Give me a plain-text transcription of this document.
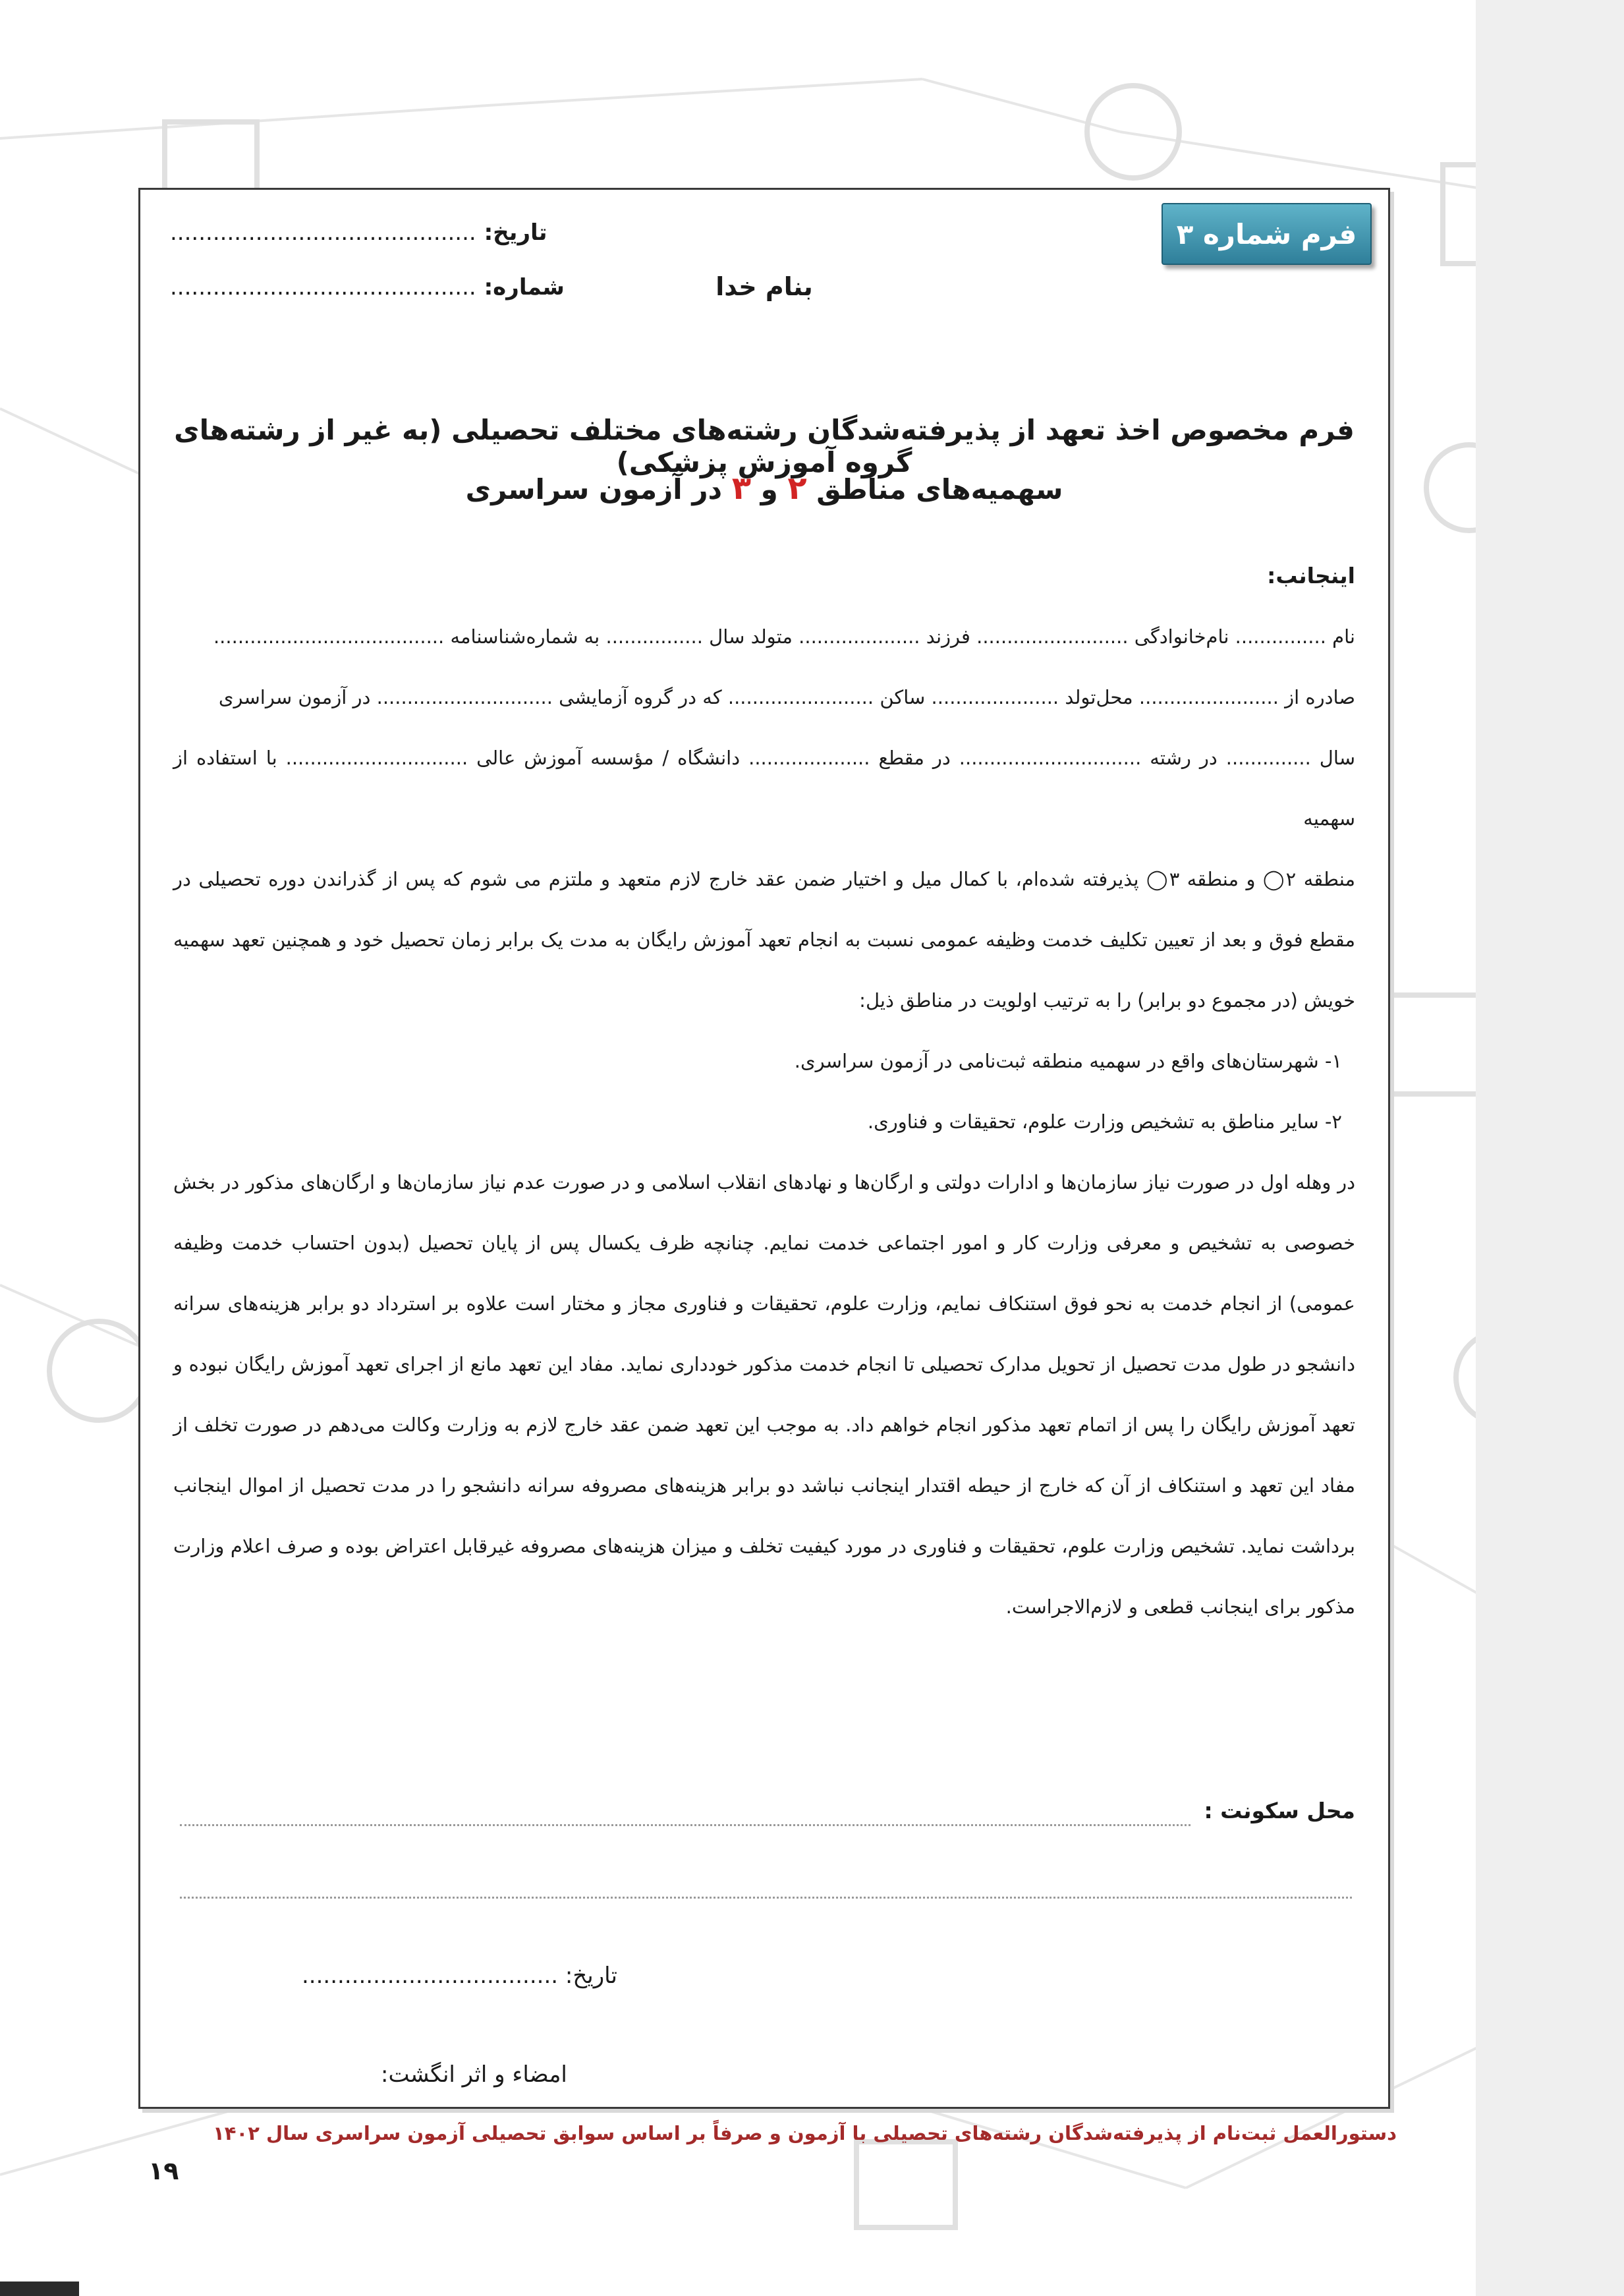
فرم شماره ۳
تاریخ: ...........................................
شماره: ...........................................	بنام خدا
فرم مخصوص اخذ تعهد از پذیرفته‌شدگان رشته‌های مختلف تحصیلی (به غیر از رشته‌های گروه آموزش پزشکی)
سهمیه‌های مناطق ۲ و ۳ در آزمون سراسری

اینجانب:

نام ............... نام‌خانوادگی ......................... فرزند .................... متولد سال ................ به شماره‌شناسنامه ......................................

صادره از ....................... محل‌تولد ..................... ساکن ........................ که در گروه آزمایشی ............................. در آزمون سراسری

سال .............. در رشته .............................. در مقطع .................... دانشگاه / مؤسسه آموزش عالی .............................. با استفاده از سهمیه

منطقه ۲◯ و منطقه ۳◯ پذیرفته شده‌ام، با کمال میل و اختیار ضمن عقد خارج لازم متعهد و ملتزم می شوم که پس از گذراندن دوره تحصیلی در مقطع فوق و بعد از تعیین تکلیف خدمت وظیفه عمومی نسبت به انجام تعهد آموزش رایگان به مدت یک برابر زمان تحصیل خود و همچنین تعهد سهمیه خویش (در مجموع دو برابر) را به ترتیب اولویت در مناطق ذیل:

۱- شهرستان‌های واقع در سهمیه منطقه ثبت‌نامی در آزمون سراسری.

۲- سایر مناطق به تشخیص وزارت علوم، تحقیقات و فناوری.

در وهله اول در صورت نیاز سازمان‌ها و ادارات دولتی و ارگان‌ها و نهادهای انقلاب اسلامی و در صورت عدم نیاز سازمان‌ها و ارگان‌های مذکور در بخش خصوصی به تشخیص و معرفی وزارت کار و امور اجتماعی خدمت نمایم. چنانچه ظرف یکسال پس از پایان تحصیل (بدون احتساب خدمت وظیفه عمومی) از انجام خدمت به نحو فوق استنکاف نمایم، وزارت علوم، تحقیقات و فناوری مجاز و مختار است علاوه بر استرداد دو برابر هزینه‌های سرانه دانشجو در طول مدت تحصیل از تحویل مدارک تحصیلی تا انجام خدمت مذکور خودداری نماید. مفاد این تعهد مانع از اجرای تعهد آموزش رایگان نبوده و تعهد آموزش رایگان را پس از اتمام تعهد مذکور انجام خواهم داد. به موجب این تعهد ضمن عقد خارج لازم به وزارت وکالت می‌دهم در صورت تخلف از مفاد این تعهد و استنکاف از آن که خارج از حیطه اقتدار اینجانب نباشد دو برابر هزینه‌های مصروفه سرانه دانشجو را در مدت تحصیل از اموال اینجانب برداشت نماید. تشخیص وزارت علوم، تحقیقات و فناوری در مورد کیفیت تخلف و میزان هزینه‌های مصروفه غیرقابل اعتراض بوده و صرف اعلام وزارت مذکور برای اینجانب قطعی و لازم‌الاجراست.

محل سکونت :
تاریخ: ....................................
امضاء و اثر انگشت:
دستورالعمل ثبت‌نام از پذیرفته‌شدگان رشته‌های تحصیلی با آزمون و صرفاً بر اساس سوابق تحصیلی آزمون سراسری سال ۱۴۰۲
۱۹
